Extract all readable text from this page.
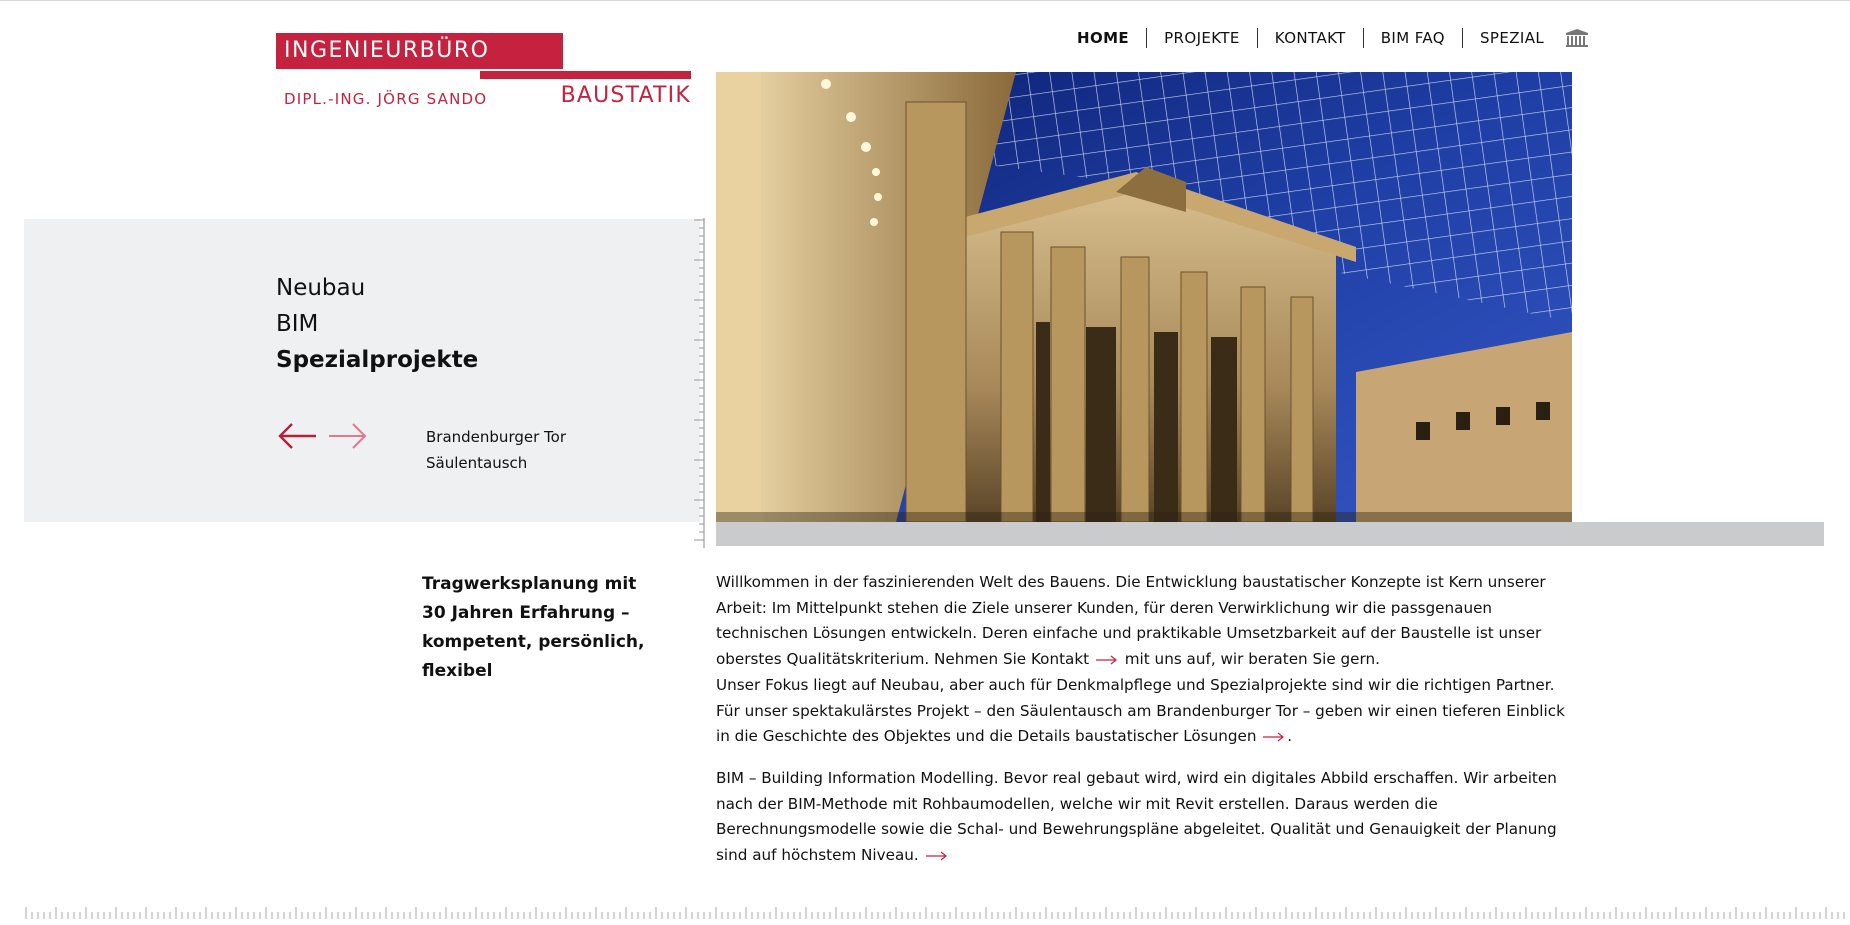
INGENIEURBÜRO
DIPL.-ING. JÖRG SANDO	BAUSTATIK
HOME	PROJEKTE	KONTAKT	BIM FAQ	SPEZIAL
Neubau
BIM
Spezialprojekte
Brandenburger Tor
Säulentausch
Tragwerksplanung mit 30 Jahren Erfahrung – kompetent, persönlich, flexibel

Willkommen in der faszinierenden Welt des Bauens. Die Entwicklung baustatischer Konzepte ist Kern unserer Arbeit: Im Mittelpunkt stehen die Ziele unserer Kunden, für deren Verwirklichung wir die passgenauen technischen Lösungen entwickeln. Deren einfache und praktikable Umsetzbarkeit auf der Baustelle ist unser oberstes Qualitätskriterium. Nehmen Sie Kontakt mit uns auf, wir beraten Sie gern.

Unser Fokus liegt auf Neubau, aber auch für Denkmalpflege und Spezialprojekte sind wir die richtigen Partner. Für unser spektakulärstes Projekt – den Säulentausch am Brandenburger Tor – geben wir einen tieferen Einblick in die Geschichte des Objektes und die Details baustatischer Lösungen .

BIM – Building Information Modelling. Bevor real gebaut wird, wird ein digitales Abbild erschaffen. Wir arbeiten nach der BIM-Methode mit Rohbaumodellen, welche wir mit Revit erstellen. Daraus werden die Berechnungsmodelle sowie die Schal- und Bewehrungspläne abgeleitet. Qualität und Genauigkeit der Planung sind auf höchstem Niveau.
